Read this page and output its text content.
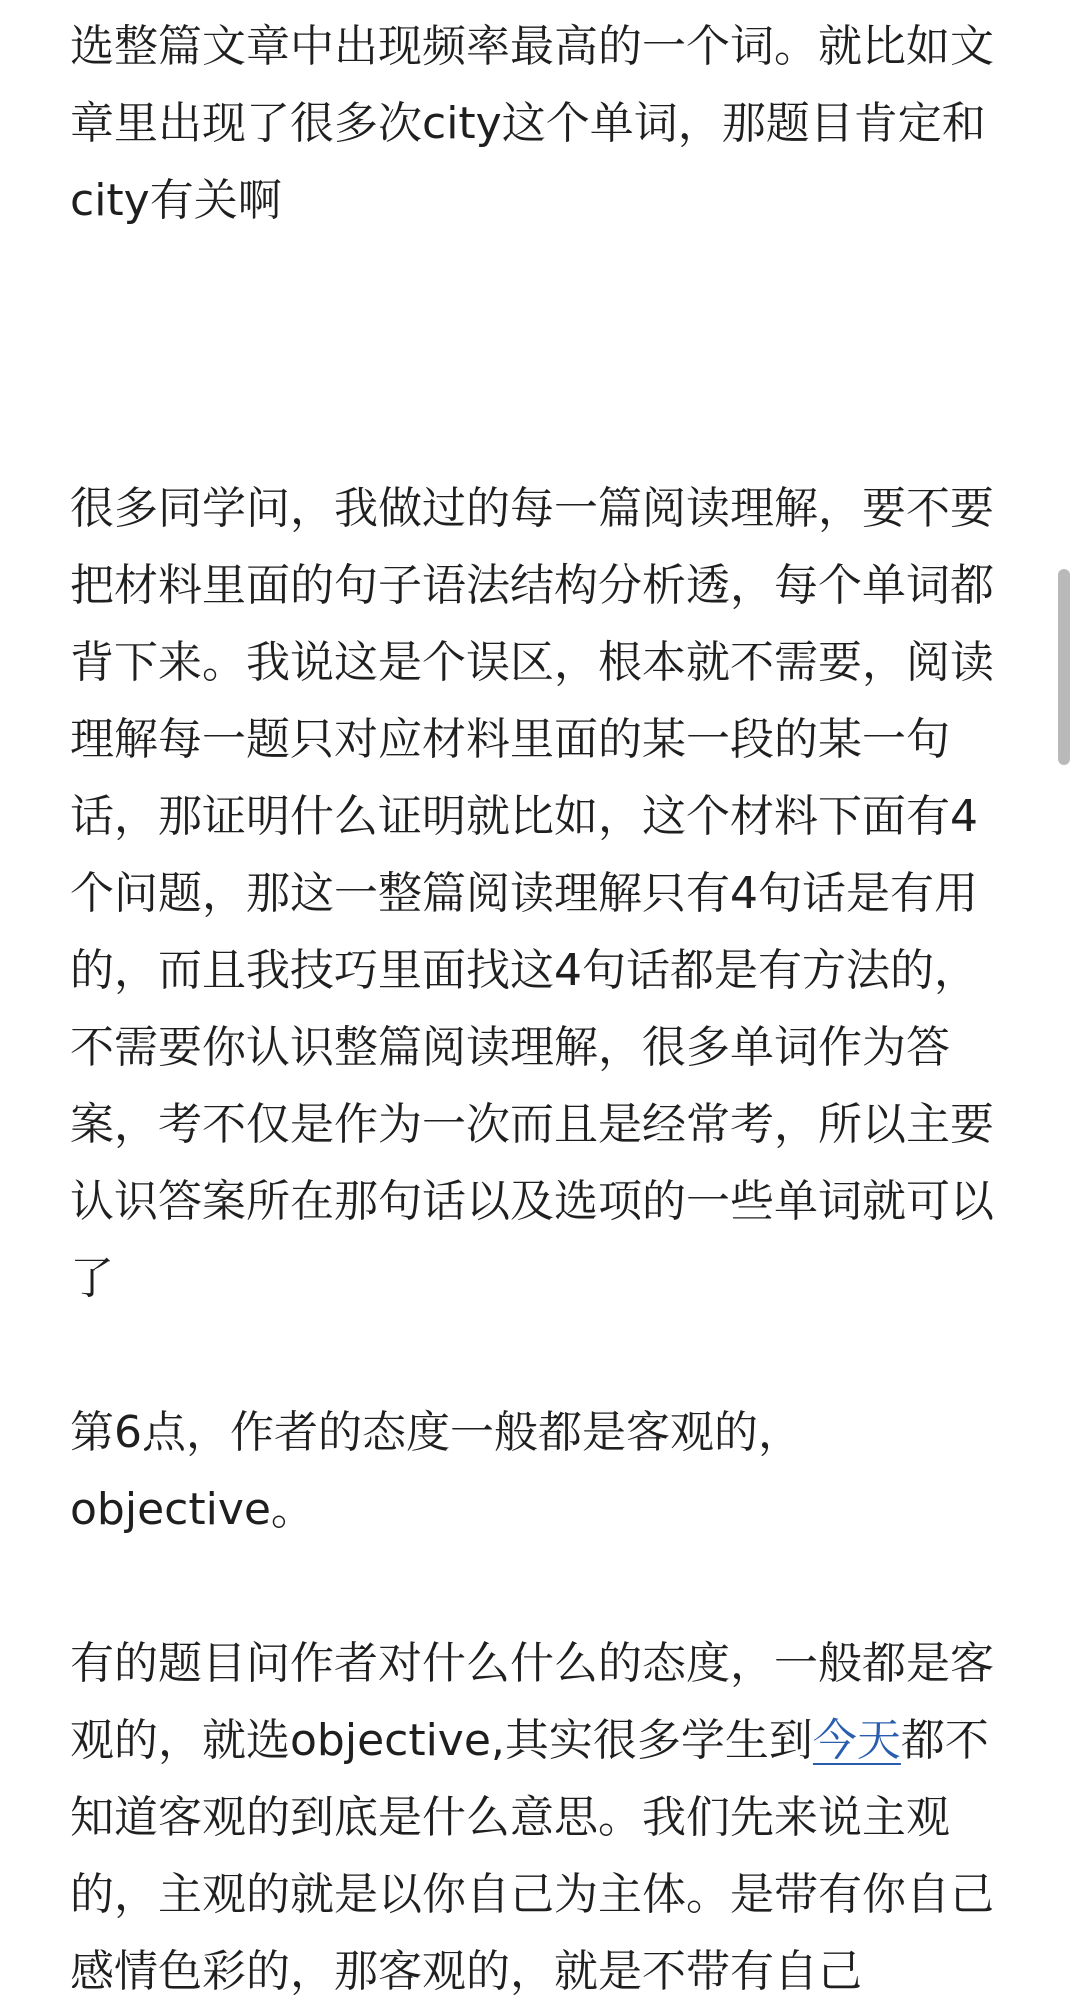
选整篇文章中出现频率最高的一个词。就比如文章里出现了很多次city这个单词，那题目肯定和city有关啊

很多同学问，我做过的每一篇阅读理解，要不要把材料里面的句子语法结构分析透，每个单词都背下来。我说这是个误区，根本就不需要，阅读理解每一题只对应材料里面的某一段的某一句话，那证明什么证明就比如，这个材料下面有4个问题，那这一整篇阅读理解只有4句话是有用的，而且我技巧里面找这4句话都是有方法的，不需要你认识整篇阅读理解，很多单词作为答案，考不仅是作为一次而且是经常考，所以主要认识答案所在那句话以及选项的一些单词就可以了

第6点，作者的态度一般都是客观的，objective。

有的题目问作者对什么什么的态度，一般都是客观的，就选objective,其实很多学生到今天都不知道客观的到底是什么意思。我们先来说主观的，主观的就是以你自己为主体。是带有你自己感情色彩的，那客观的，就是不带有自己
